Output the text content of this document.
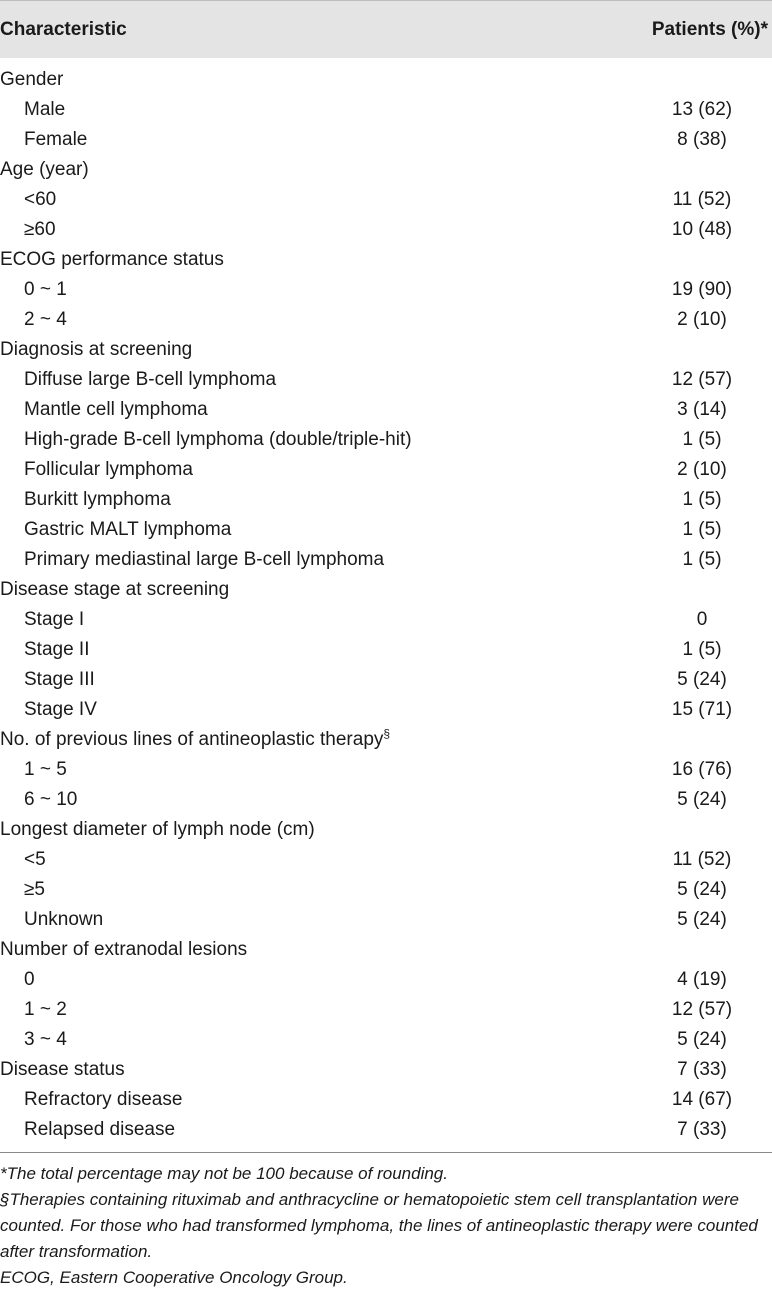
Characteristic	Patients (%)*
Gender
Male	13 (62)
Female	8 (38)
Age (year)
<60	11 (52)
≥60	10 (48)
ECOG performance status
0 ~ 1	19 (90)
2 ~ 4	2 (10)
Diagnosis at screening
Diffuse large B-cell lymphoma	12 (57)
Mantle cell lymphoma	3 (14)
High-grade B-cell lymphoma (double/triple-hit)	1 (5)
Follicular lymphoma	2 (10)
Burkitt lymphoma	1 (5)
Gastric MALT lymphoma	1 (5)
Primary mediastinal large B-cell lymphoma	1 (5)
Disease stage at screening
Stage I	0
Stage II	1 (5)
Stage III	5 (24)
Stage IV	15 (71)
No. of previous lines of antineoplastic therapy§
1 ~ 5	16 (76)
6 ~ 10	5 (24)
Longest diameter of lymph node (cm)
<5	11 (52)
≥5	5 (24)
Unknown	5 (24)
Number of extranodal lesions
0	4 (19)
1 ~ 2	12 (57)
3 ~ 4	5 (24)
Disease status	7 (33)
Refractory disease	14 (67)
Relapsed disease	7 (33)

*The total percentage may not be 100 because of rounding.

§Therapies containing rituximab and anthracycline or hematopoietic stem cell transplantation were counted. For those who had transformed lymphoma, the lines of antineoplastic therapy were counted after transformation.

ECOG, Eastern Cooperative Oncology Group.
